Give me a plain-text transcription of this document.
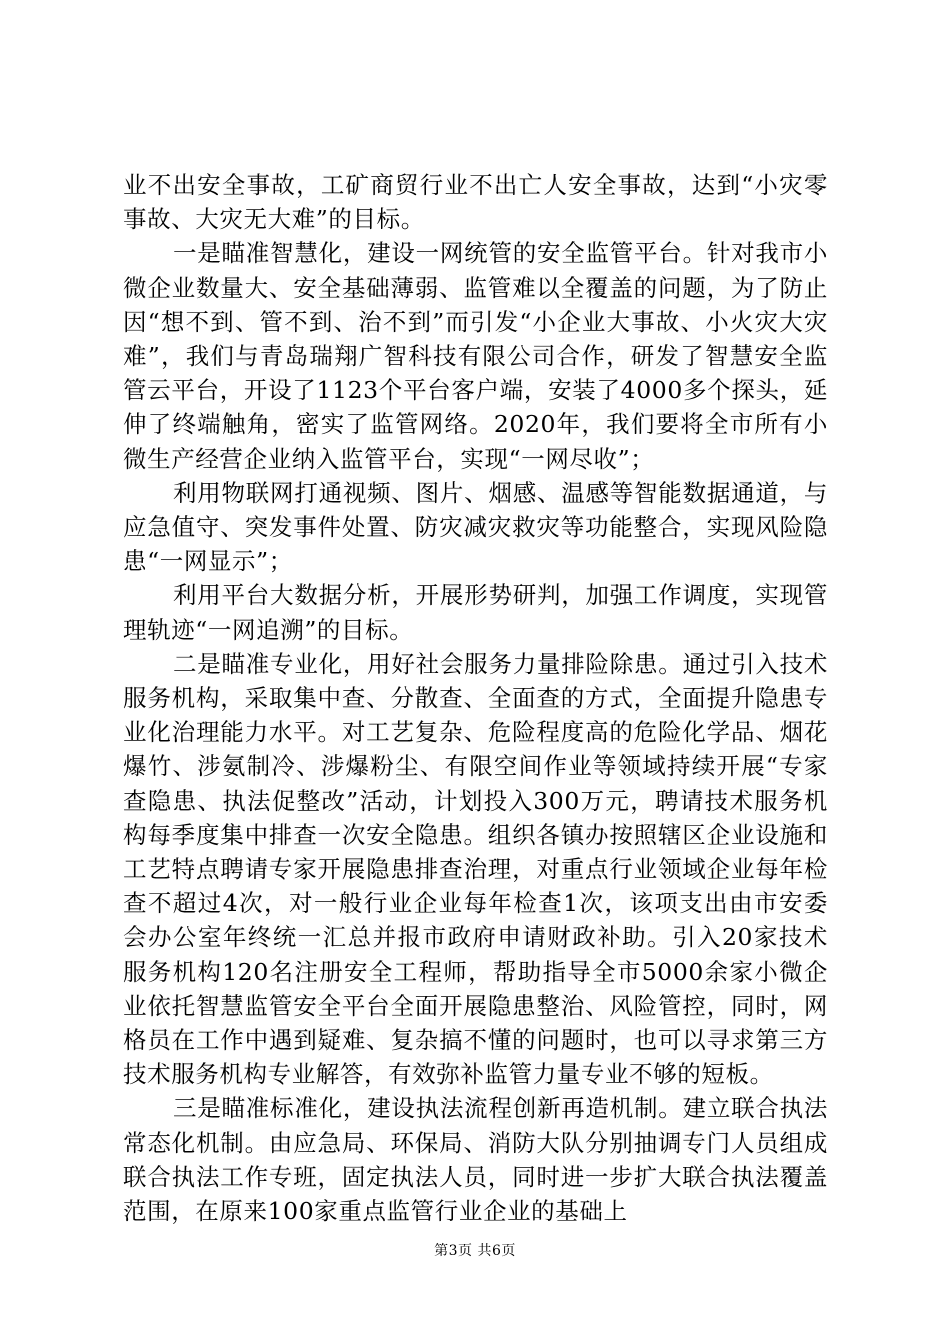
业不出安全事故，工矿商贸行业不出亡人安全事故，达到“小灾零事故、大灾无大难”的目标。

一是瞄准智慧化，建设一网统管的安全监管平台。针对我市小微企业数量大、安全基础薄弱、监管难以全覆盖的问题，为了防止因“想不到、管不到、治不到”而引发“小企业大事故、小火灾大灾难”，我们与青岛瑞翔广智科技有限公司合作，研发了智慧安全监管云平台，开设了1123个平台客户端，安装了4000多个探头，延伸了终端触角，密实了监管网络。2020年，我们要将全市所有小微生产经营企业纳入监管平台，实现“一网尽收”；

利用物联网打通视频、图片、烟感、温感等智能数据通道，与应急值守、突发事件处置、防灾减灾救灾等功能整合，实现风险隐患“一网显示”；

利用平台大数据分析，开展形势研判，加强工作调度，实现管理轨迹“一网追溯”的目标。

二是瞄准专业化，用好社会服务力量排险除患。通过引入技术服务机构，采取集中查、分散查、全面查的方式，全面提升隐患专业化治理能力水平。对工艺复杂、危险程度高的危险化学品、烟花爆竹、涉氨制冷、涉爆粉尘、有限空间作业等领域持续开展“专家查隐患、执法促整改”活动，计划投入300万元，聘请技术服务机构每季度集中排查一次安全隐患。组织各镇办按照辖区企业设施和工艺特点聘请专家开展隐患排查治理，对重点行业领域企业每年检查不超过4次，对一般行业企业每年检查1次，该项支出由市安委会办公室年终统一汇总并报市政府申请财政补助。引入20家技术服务机构120名注册安全工程师，帮助指导全市5000余家小微企业依托智慧监管安全平台全面开展隐患整治、风险管控，同时，网格员在工作中遇到疑难、复杂搞不懂的问题时，也可以寻求第三方技术服务机构专业解答，有效弥补监管力量专业不够的短板。

三是瞄准标准化，建设执法流程创新再造机制。建立联合执法常态化机制。由应急局、环保局、消防大队分别抽调专门人员组成联合执法工作专班，固定执法人员，同时进一步扩大联合执法覆盖范围，在原来100家重点监管行业企业的基础上

第3页 共6页
